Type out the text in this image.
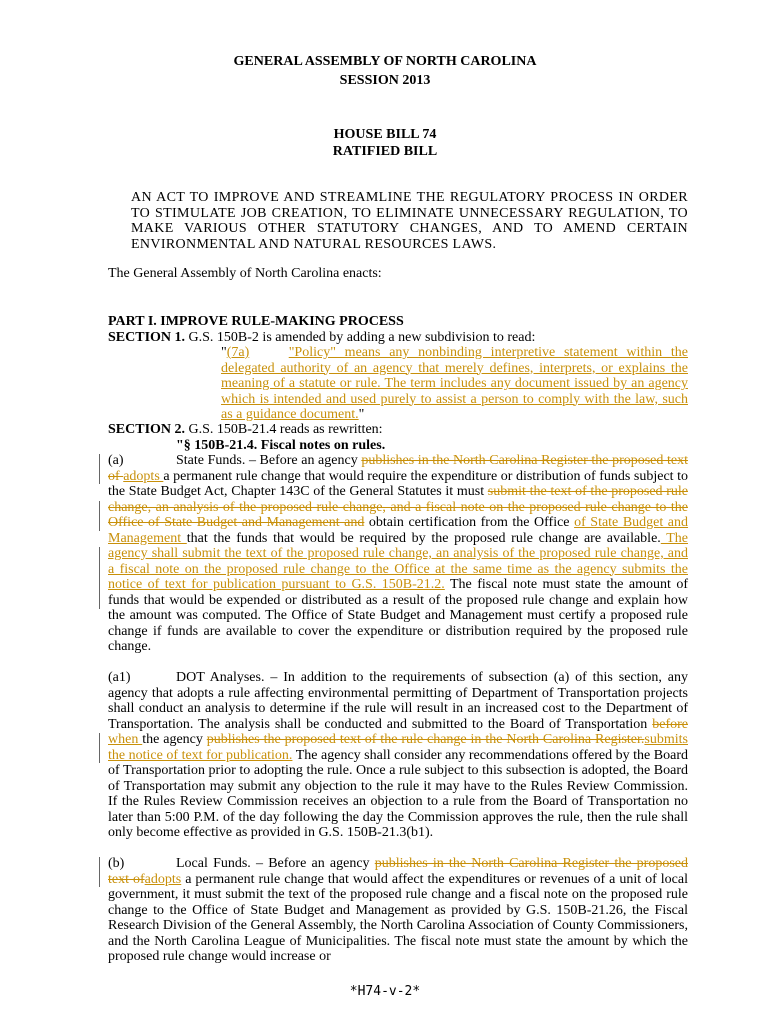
GENERAL ASSEMBLY OF NORTH CAROLINA
SESSION 2013
HOUSE BILL 74
RATIFIED BILL
AN ACT TO IMPROVE AND STREAMLINE THE REGULATORY PROCESS IN ORDER TO STIMULATE JOB CREATION, TO ELIMINATE UNNECESSARY REGULATION, TO MAKE VARIOUS OTHER STATUTORY CHANGES, AND TO AMEND CERTAIN ENVIRONMENTAL AND NATURAL RESOURCES LAWS.
The General Assembly of North Carolina enacts:
PART I. IMPROVE RULE-MAKING PROCESS
SECTION 1. G.S. 150B-2 is amended by adding a new subdivision to read:
"(7a)	"Policy" means any nonbinding interpretive statement within the delegated authority of an agency that merely defines, interprets, or explains the meaning of a statute or rule. The term includes any document issued by an agency which is intended and used purely to assist a person to comply with the law, such as a guidance document."
SECTION 2. G.S. 150B-21.4 reads as rewritten:
"§ 150B-21.4. Fiscal notes on rules.
(a)	State Funds. – Before an agency publishes in the North Carolina Register the proposed text of adopts a permanent rule change that would require the expenditure or distribution of funds subject to the State Budget Act, Chapter 143C of the General Statutes it must submit the text of the proposed rule change, an analysis of the proposed rule change, and a fiscal note on the proposed rule change to the Office of State Budget and Management and obtain certification from the Office of State Budget and Management that the funds that would be required by the proposed rule change are available. The agency shall submit the text of the proposed rule change, an analysis of the proposed rule change, and a fiscal note on the proposed rule change to the Office at the same time as the agency submits the notice of text for publication pursuant to G.S. 150B-21.2. The fiscal note must state the amount of funds that would be expended or distributed as a result of the proposed rule change and explain how the amount was computed. The Office of State Budget and Management must certify a proposed rule change if funds are available to cover the expenditure or distribution required by the proposed rule change.
(a1)	DOT Analyses. – In addition to the requirements of subsection (a) of this section, any agency that adopts a rule affecting environmental permitting of Department of Transportation projects shall conduct an analysis to determine if the rule will result in an increased cost to the Department of Transportation. The analysis shall be conducted and submitted to the Board of Transportation before when the agency publishes the proposed text of the rule change in the North Carolina Register.submits the notice of text for publication. The agency shall consider any recommendations offered by the Board of Transportation prior to adopting the rule. Once a rule subject to this subsection is adopted, the Board of Transportation may submit any objection to the rule it may have to the Rules Review Commission. If the Rules Review Commission receives an objection to a rule from the Board of Transportation no later than 5:00 P.M. of the day following the day the Commission approves the rule, then the rule shall only become effective as provided in G.S. 150B-21.3(b1).
(b)	Local Funds. – Before an agency publishes in the North Carolina Register the proposed text ofadopts a permanent rule change that would affect the expenditures or revenues of a unit of local government, it must submit the text of the proposed rule change and a fiscal note on the proposed rule change to the Office of State Budget and Management as provided by G.S. 150B-21.26, the Fiscal Research Division of the General Assembly, the North Carolina Association of County Commissioners, and the North Carolina League of Municipalities. The fiscal note must state the amount by which the proposed rule change would increase or
*H74-v-2*
